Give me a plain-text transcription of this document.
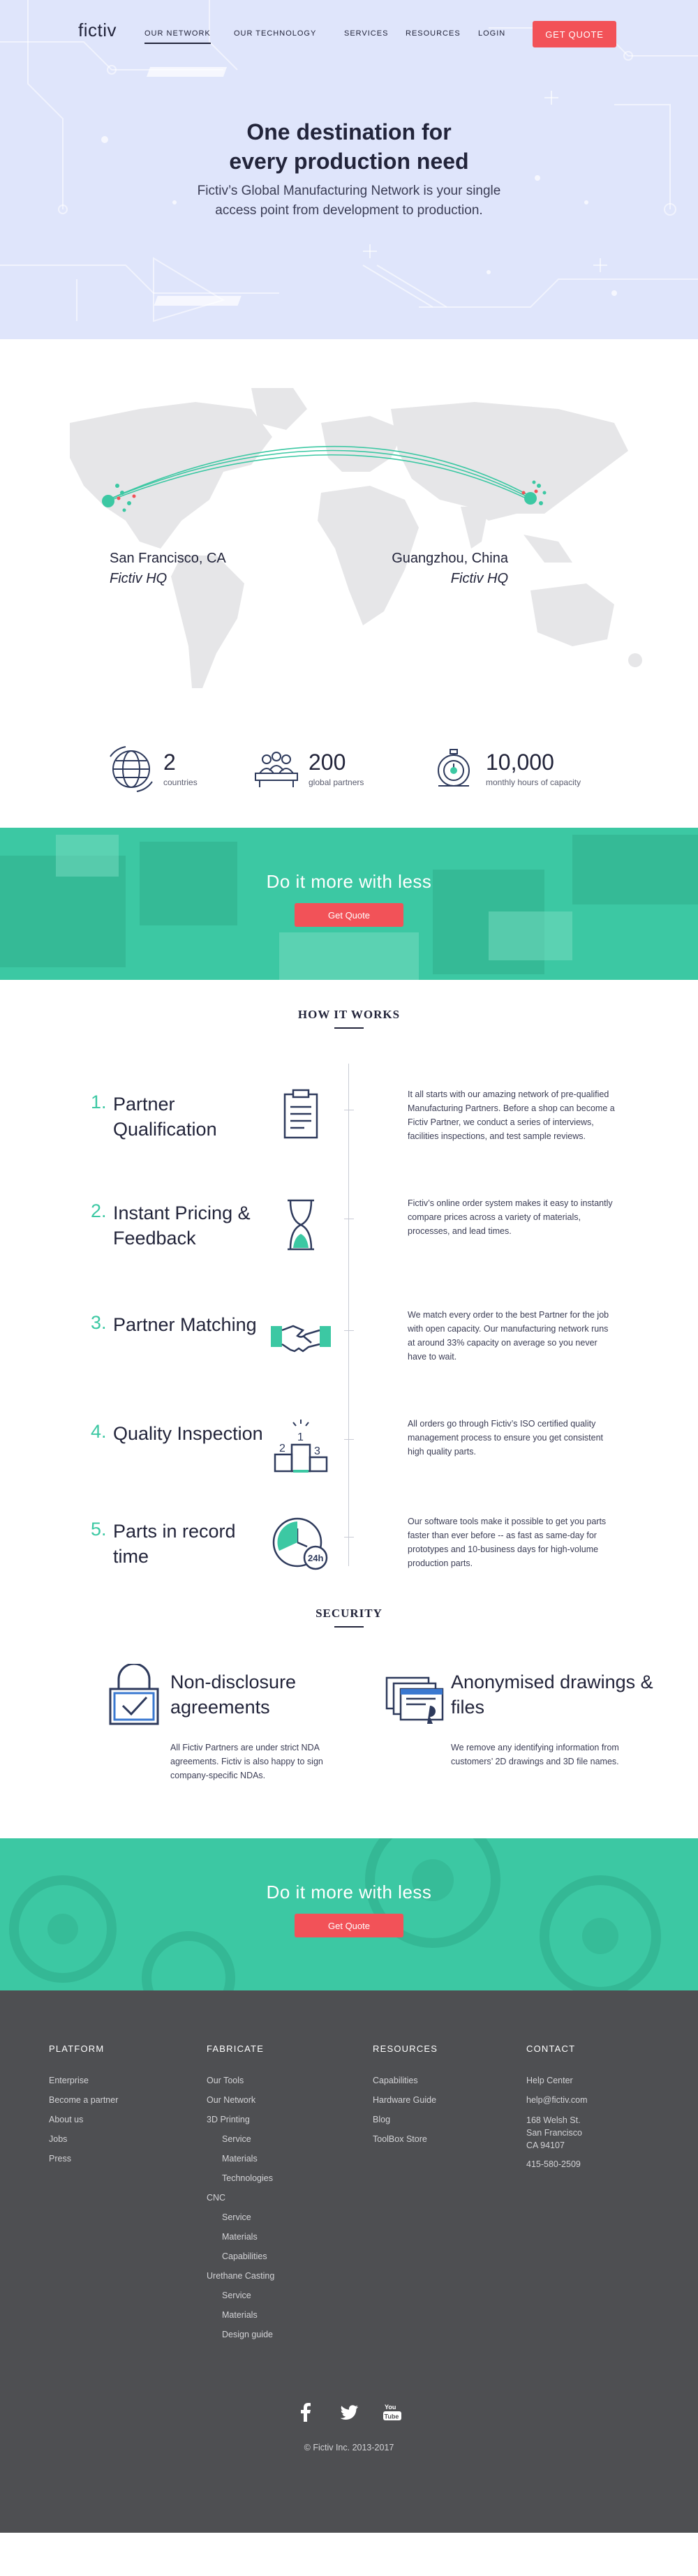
fictiv	OUR NETWORK	OUR TECHNOLOGY	SERVICES RESOURCES LOGIN	GET QUOTE
One destination for
every production need

Fictiv’s Global Manufacturing Network is your single
access point from development to production.

San Francisco, CA
Fictiv HQ
Guangzhou, China
Fictiv HQ
2
countries
200
global partners
10,000
monthly hours of capacity
Do it more with less
Get Quote
HOW IT WORKS
1. Partner Qualification
It all starts with our amazing network of pre-qualified Manufacturing Partners. Before a shop can become a Fictiv Partner, we conduct a series of interviews, facilities inspections, and test sample reviews.
2. Instant Pricing & Feedback
Fictiv’s online order system makes it easy to instantly compare prices across a variety of materials, processes, and lead times.
3. Partner Matching	We match every order to the best Partner for the job with open capacity. Our manufacturing network runs at around 33% capacity on average so you never have to wait.
4. Quality Inspection
2
1
3
All orders go through Fictiv’s ISO certified quality management process to ensure you get consistent high quality parts.
5. Parts in record time	24h
Our software tools make it possible to get you parts faster than ever before -- as fast as same-day for prototypes and 10-business days for high-volume production parts.
SECURITY
Non-disclosure agreements
All Fictiv Partners are under strict NDA agreements. Fictiv is also happy to sign company-specific NDAs.
Anonymised drawings & files
We remove any identifying information from customers’ 2D drawings and 3D file names.
Do it more with less
Get Quote
PLATFORM
Enterprise
Become a partner
About us
Jobs
Press
FABRICATE
Our Tools
Our Network
3D Printing
Service
Materials
Technologies
CNC
Service
Materials
Capabilities
Urethane Casting
Service
Materials
Design guide
RESOURCES
Capabilities
Hardware Guide
Blog
ToolBox Store
CONTACT
Help Center
help@fictiv.com
168 Welsh St.
San Francisco
CA 94107
415-580-2509
You
Tube
© Fictiv Inc. 2013-2017
